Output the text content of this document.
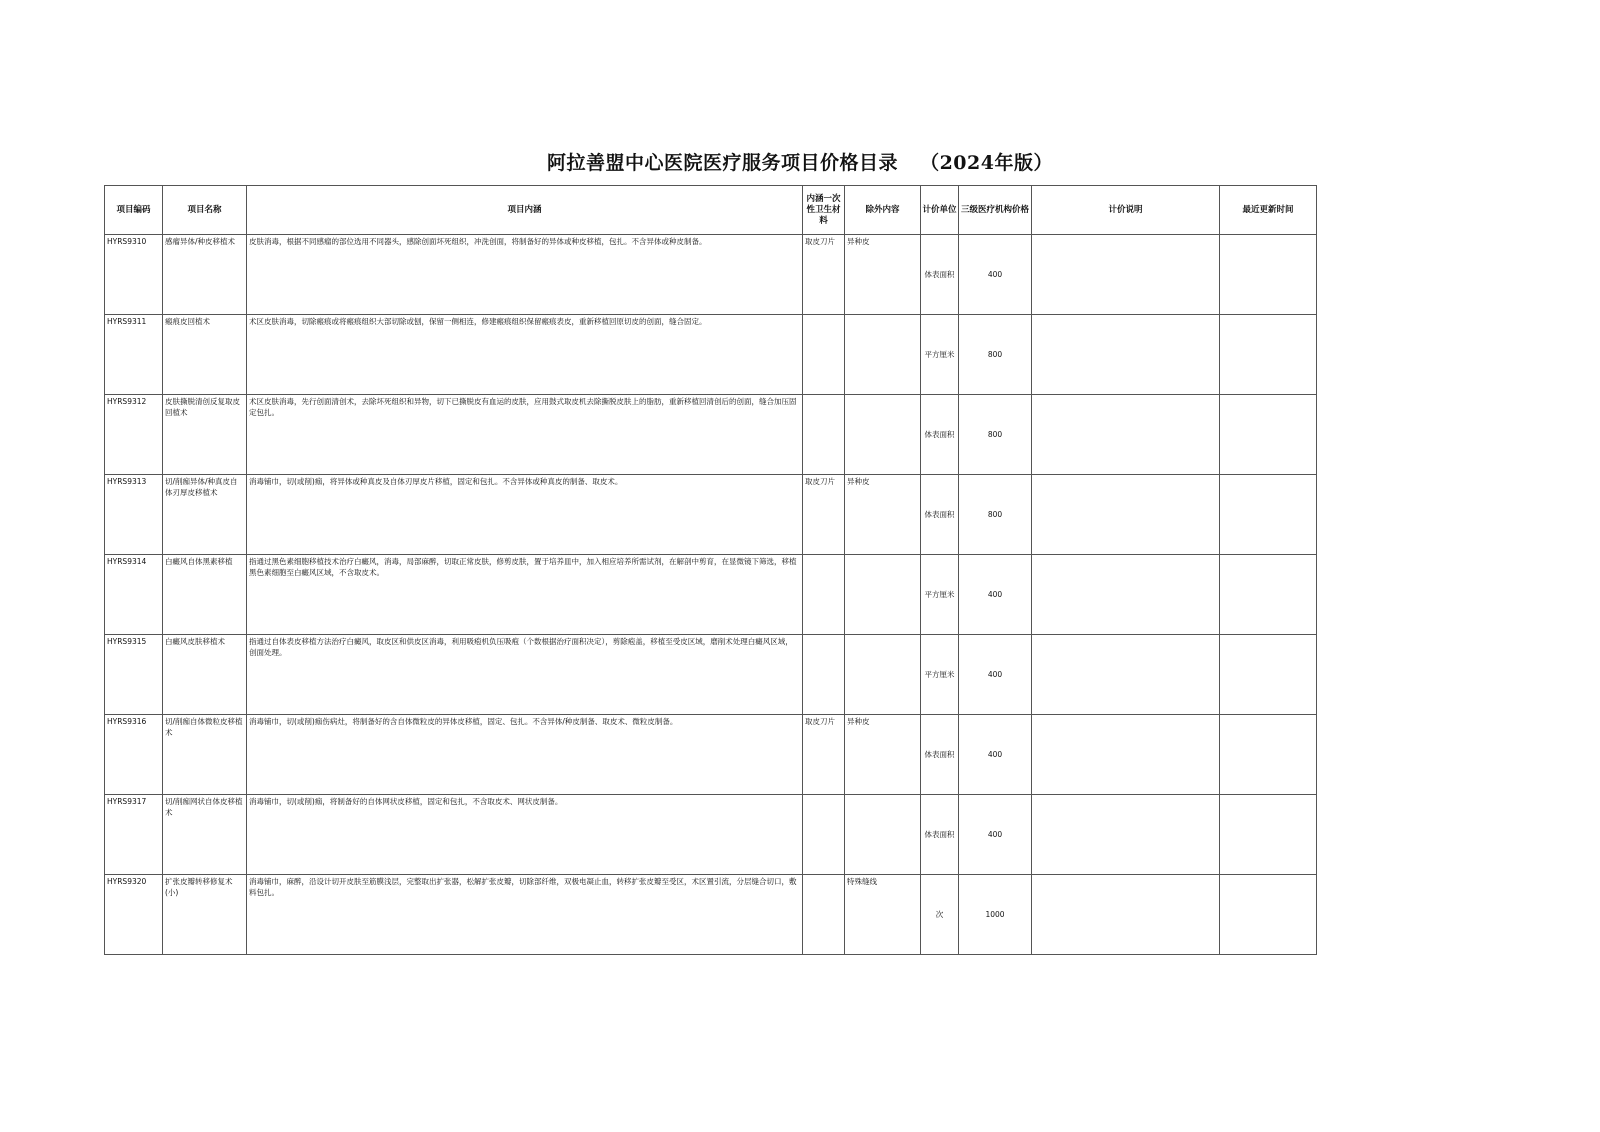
阿拉善盟中心医院医疗服务项目价格目录 （2024年版）
项目编码	项目名称	项目内涵	内涵一次性卫生材料	除外内容	计价单位	三级医疗机构价格	计价说明	最近更新时间
HYRS9310	感瘤异体/种皮移植术	皮肤消毒，根据不同感瘤的部位选用不同器头，感除创面坏死组织，冲洗创面，将制备好的异体或种皮移植，包扎。不含异体或种皮制备。	取皮刀片	异种皮	体表面积	400		
HYRS9311	瘢痕皮回植术	术区皮肤消毒，切除瘢痕或将瘢痕组织大部切除或刨，保留一侧相连，修建瘢痕组织保留瘢痕表皮，重新移植回原切皮的创面，缝合固定。			平方厘米	800		
HYRS9312	皮肤撕脱清创反复取皮回植术	术区皮肤消毒，先行创面清创术，去除坏死组织和异物，切下已撕脱皮有血运的皮肤，应用鼓式取皮机去除撕脱皮肤上的脂肪，重新移植回清创后的创面，缝合加压固定包扎。			体表面积	800		
HYRS9313	切/削痂异体/种真皮自体刃厚皮移植术	消毒铺巾，切(或削)痂，将异体或种真皮及自体刃厚皮片移植，固定和包扎。不含异体或种真皮的制备、取皮术。	取皮刀片	异种皮	体表面积	800		
HYRS9314	白癜风自体黑素移植	指通过黑色素细胞移植技术治疗白癜风，消毒，局部麻醉，切取正常皮肤，修剪皮肤，置于培养皿中，加入相应培养所需试剂，在解剖中剪育，在显微镜下筛选，移植黑色素细胞至白癜风区域，不含取皮术。			平方厘米	400		
HYRS9315	白癜风皮肤移植术	指通过自体表皮移植方法治疗白癜风，取皮区和供皮区消毒，利用吸疱机负压吸疱（个数根据治疗面积决定），剪除疱盖，移植至受皮区域，磨削术处理白癜风区域，创面处理。			平方厘米	400		
HYRS9316	切/削痂自体微粒皮移植术	消毒铺巾，切(或削)痂伤病灶，将制备好的含自体微粒皮的异体皮移植，固定、包扎。不含异体/种皮制备、取皮术、微粒皮制备。	取皮刀片	异种皮	体表面积	400		
HYRS9317	切/削痂网状自体皮移植术	消毒铺巾，切(或削)痂，将制备好的自体网状皮移植，固定和包扎，不含取皮术、网状皮制备。			体表面积	400		
HYRS9320	扩张皮瓣转移修复术(小)	消毒铺巾，麻醉，沿设计切开皮肤至筋膜浅层，完整取出扩张器，松解扩张皮瓣，切除部纤维，双极电凝止血，转移扩张皮瓣至受区，术区置引流，分层缝合切口，敷料包扎。		特殊缝线	次	1000		
